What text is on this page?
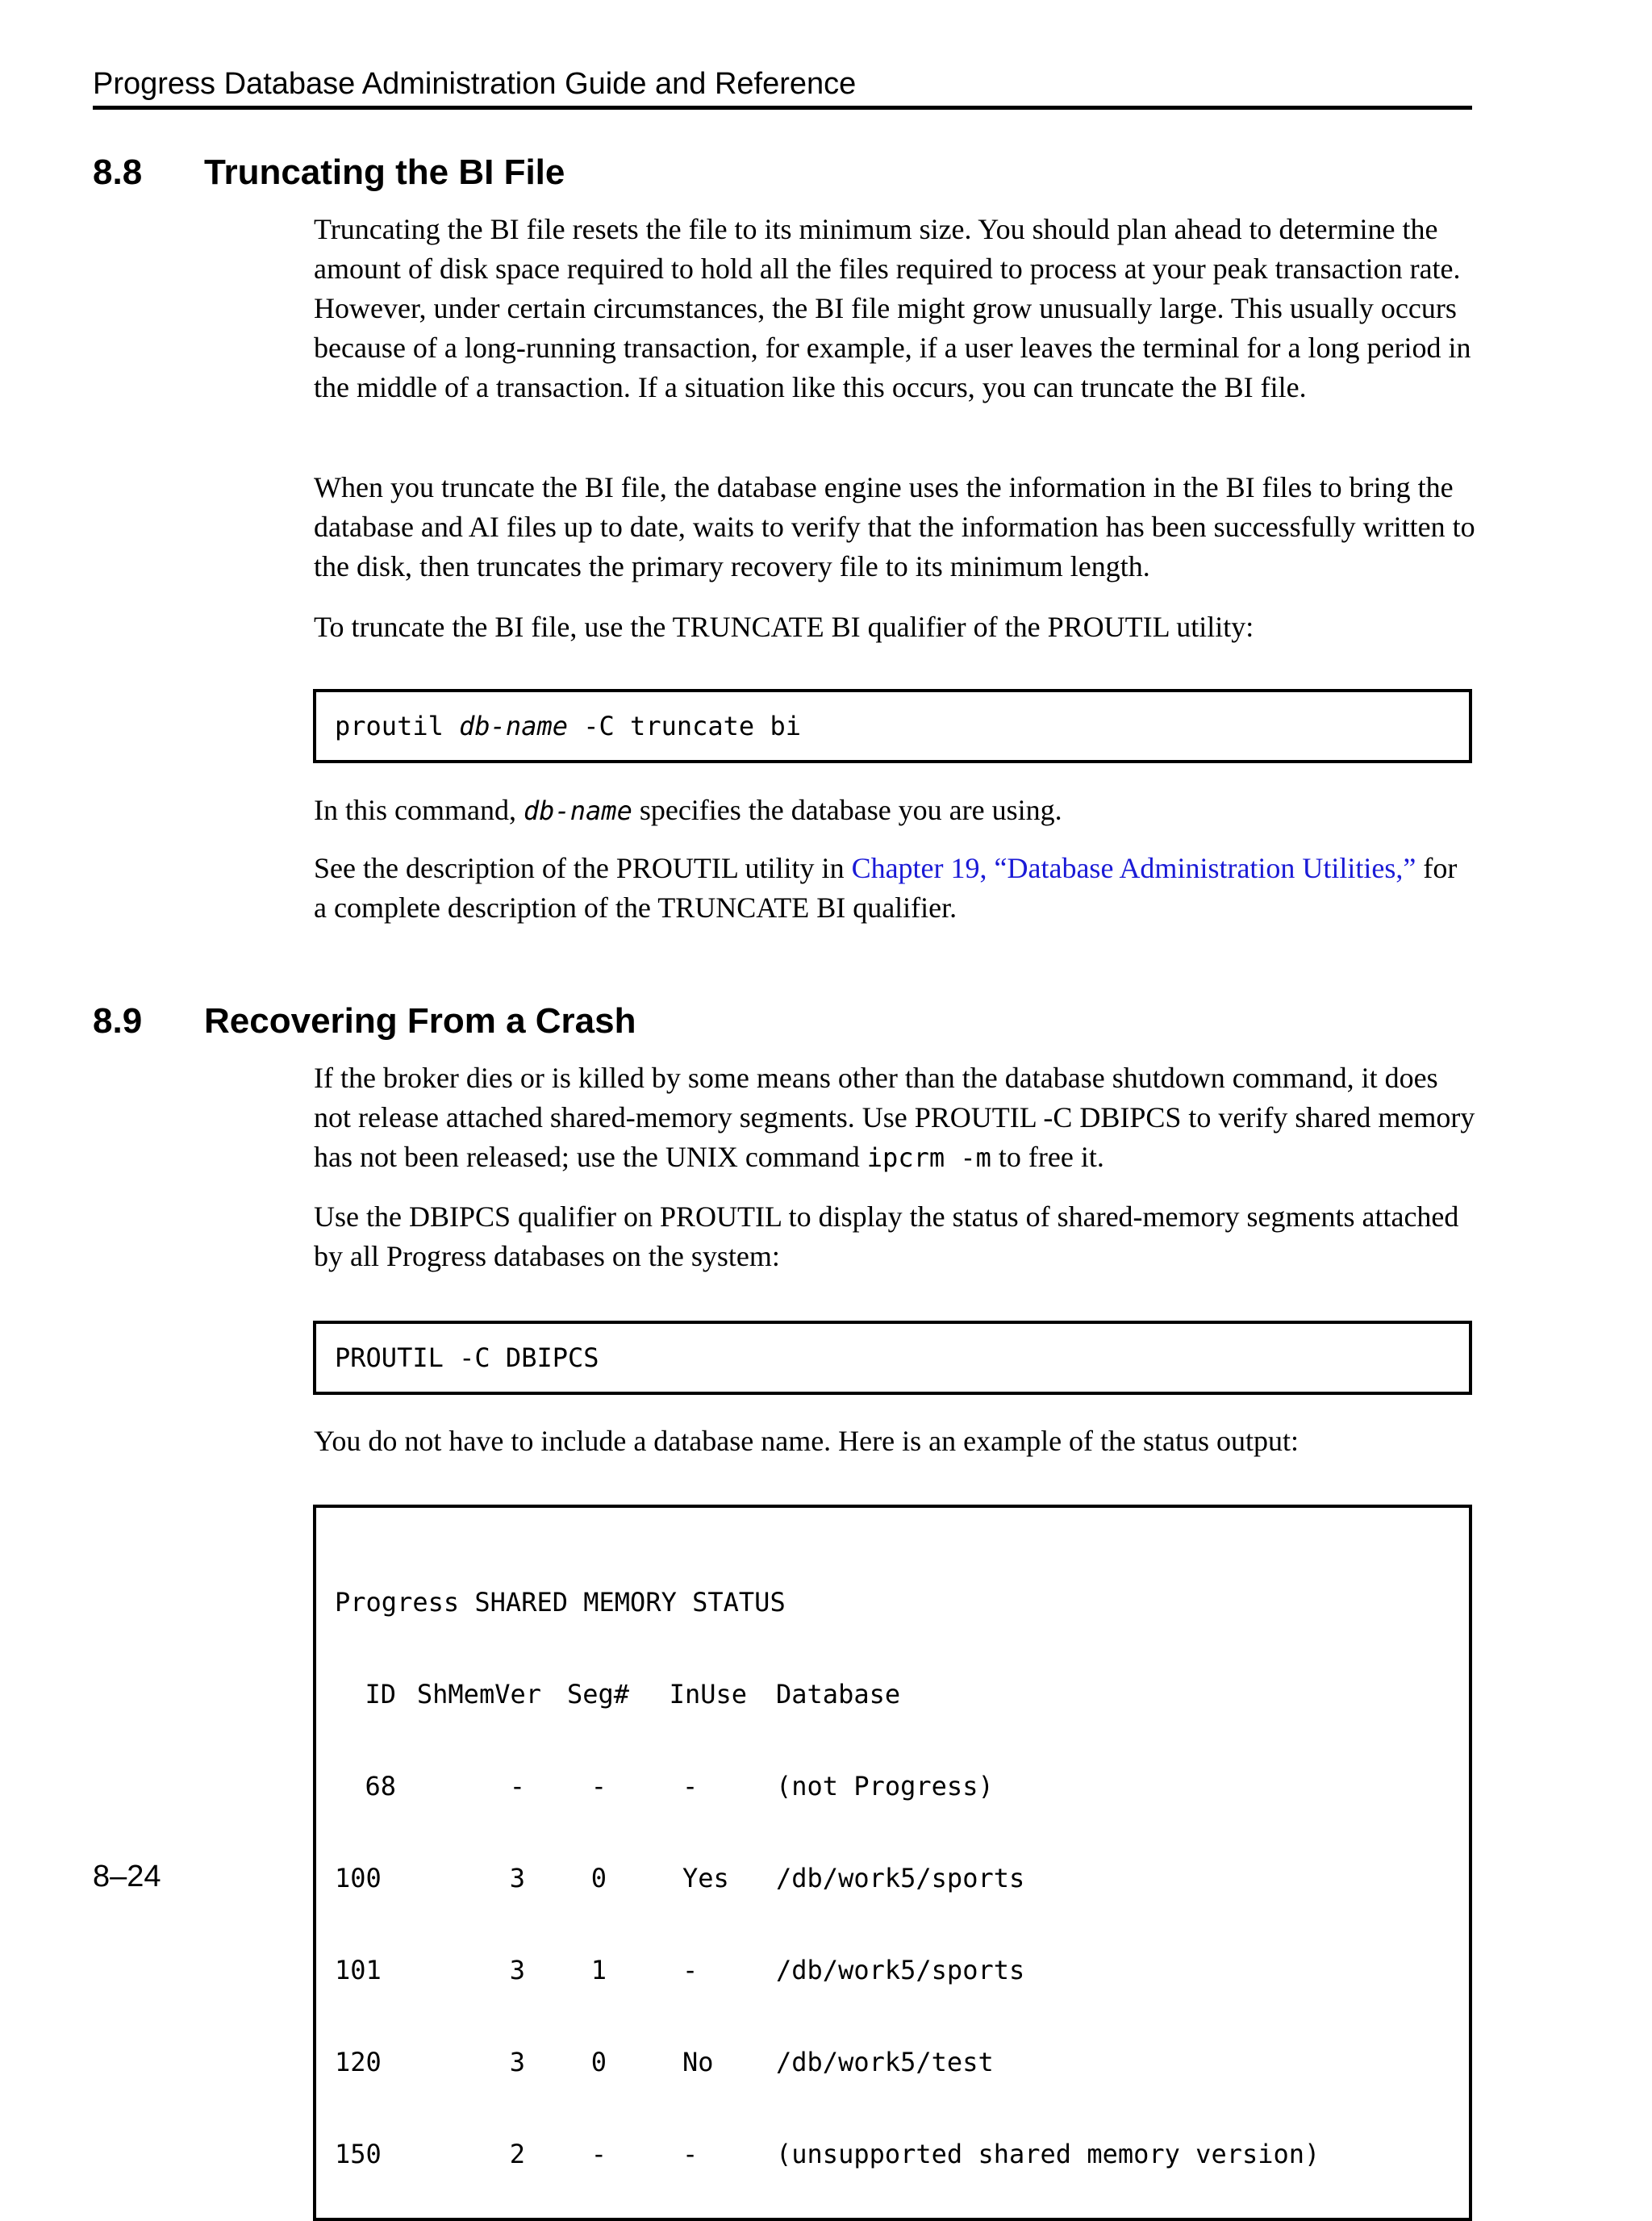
Progress Database Administration Guide and Reference
8.8 Truncating the BI File
Truncating the BI file resets the file to its minimum size. You should plan ahead to determine the amount of disk space required to hold all the files required to process at your peak transaction rate. However, under certain circumstances, the BI file might grow unusually large. This usually occurs because of a long-running transaction, for example, if a user leaves the terminal for a long period in the middle of a transaction. If a situation like this occurs, you can truncate the BI file.
When you truncate the BI file, the database engine uses the information in the BI files to bring the database and AI files up to date, waits to verify that the information has been successfully written to the disk, then truncates the primary recovery file to its minimum length.
To truncate the BI file, use the TRUNCATE BI qualifier of the PROUTIL utility:
proutil db-name -C truncate bi
In this command, db-name specifies the database you are using.
See the description of the PROUTIL utility in Chapter 19, “Database Administration Utilities,” for a complete description of the TRUNCATE BI qualifier.
8.9 Recovering From a Crash
If the broker dies or is killed by some means other than the database shutdown command, it does not release attached shared-memory segments. Use PROUTIL -C DBIPCS to verify shared memory has not been released; use the UNIX command ipcrm -m to free it.
Use the DBIPCS qualifier on PROUTIL to display the status of shared-memory segments attached by all Progress databases on the system:
PROUTIL -C DBIPCS
You do not have to include a database name. Here is an example of the status output:

Progress SHARED MEMORY STATUS

ID ShMemVer Seg# InUse Database

68	-	-	-	(not Progress)

100	3	0	Yes /db/work5/sports

101	3	1	-	/db/work5/sports

120	3	0	No /db/work5/test

150	2	-	-	(unsupported shared memory version)

8–24
